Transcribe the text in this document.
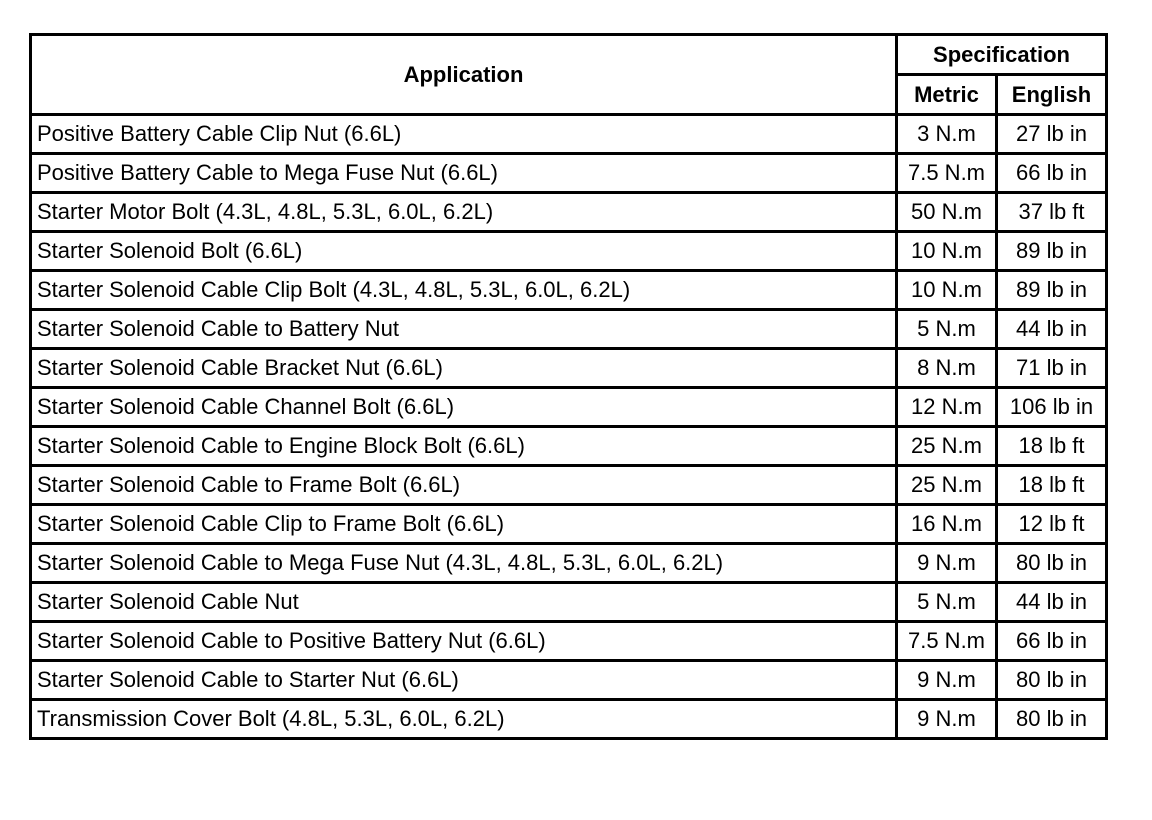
Application	Specification	
	Metric	English
Positive Battery Cable Clip Nut (6.6L)	3 N.m	27 lb in
Positive Battery Cable to Mega Fuse Nut (6.6L)	7.5 N.m	66 lb in
Starter Motor Bolt (4.3L, 4.8L, 5.3L, 6.0L, 6.2L)	50 N.m	37 lb ft
Starter Solenoid Bolt (6.6L)	10 N.m	89 lb in
Starter Solenoid Cable Clip Bolt (4.3L, 4.8L, 5.3L, 6.0L, 6.2L)	10 N.m	89 lb in
Starter Solenoid Cable to Battery Nut	5 N.m	44 lb in
Starter Solenoid Cable Bracket Nut (6.6L)	8 N.m	71 lb in
Starter Solenoid Cable Channel Bolt (6.6L)	12 N.m	106 lb in
Starter Solenoid Cable to Engine Block Bolt (6.6L)	25 N.m	18 lb ft
Starter Solenoid Cable to Frame Bolt (6.6L)	25 N.m	18 lb ft
Starter Solenoid Cable Clip to Frame Bolt (6.6L)	16 N.m	12 lb ft
Starter Solenoid Cable to Mega Fuse Nut (4.3L, 4.8L, 5.3L, 6.0L, 6.2L)	9 N.m	80 lb in
Starter Solenoid Cable Nut	5 N.m	44 lb in
Starter Solenoid Cable to Positive Battery Nut (6.6L)	7.5 N.m	66 lb in
Starter Solenoid Cable to Starter Nut (6.6L)	9 N.m	80 lb in
Transmission Cover Bolt (4.8L, 5.3L, 6.0L, 6.2L)	9 N.m	80 lb in
